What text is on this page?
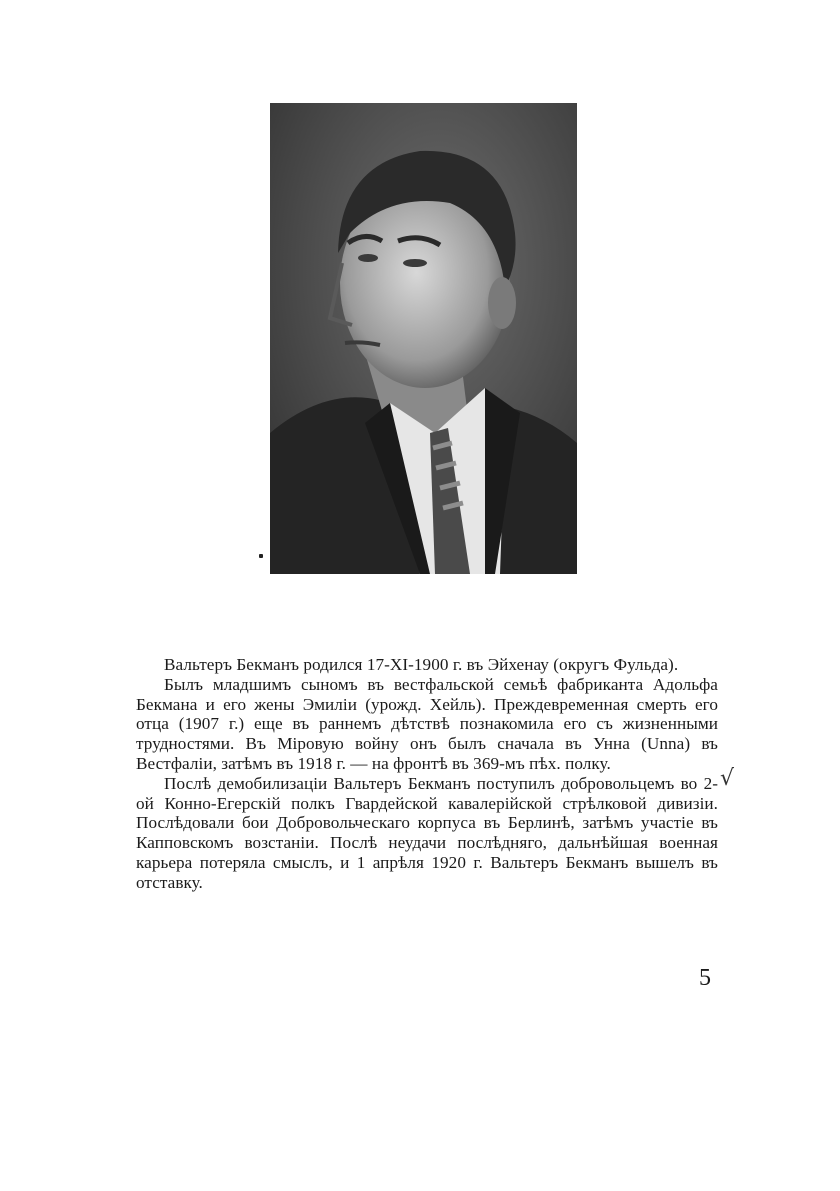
Вальтеръ Бекманъ родился 17-XI-1900 г. въ Эйхенау (округъ Фульда).

Былъ младшимъ сыномъ въ вестфальской семьѣ фабриканта Адольфа Бекмана и его жены Эмиліи (урожд. Хейль). Преждевременная смерть его отца (1907 г.) еще въ раннемъ дѣтствѣ познакомила его съ жизненными трудностями. Въ Міровую войну онъ былъ сначала въ Унна (Unna) въ Вестфаліи, затѣмъ въ 1918 г. — на фронтѣ въ 369-мъ пѣх. полку.

Послѣ демобилизаціи Вальтеръ Бекманъ поступилъ добровольцемъ во 2-ой Конно-Егерскій полкъ Гвардейской кавалерійской стрѣлковой дивизіи. Послѣдовали бои Добровольческаго корпуса въ Берлинѣ, затѣмъ участіе въ Капповскомъ возстаніи. Послѣ неудачи послѣдняго, дальнѣйшая военная карьера потеряла смыслъ, и 1 апрѣля 1920 г. Вальтеръ Бекманъ вышелъ въ отставку.

√
5
